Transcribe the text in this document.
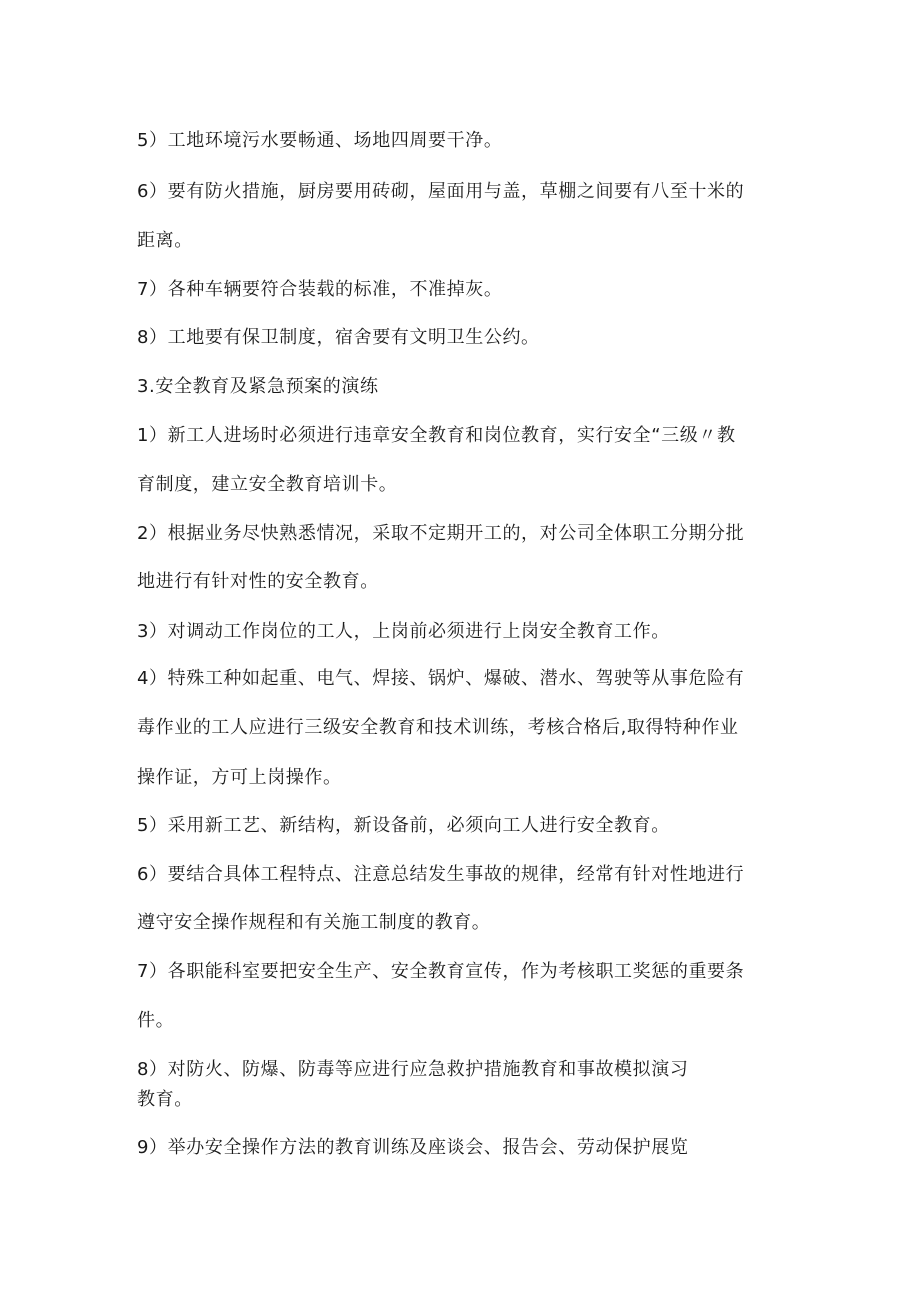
5）工地环境污水要畅通、场地四周要干净。
6）要有防火措施，厨房要用砖砌，屋面用与盖，草棚之间要有八至十米的
距离。
7）各种车辆要符合装载的标准，不准掉灰。
8）工地要有保卫制度，宿舍要有文明卫生公约。
3.安全教育及紧急预案的演练
1）新工人进场时必须进行违章安全教育和岗位教育，实行安全“三级〃教
育制度，建立安全教育培训卡。
2）根据业务尽快熟悉情况，采取不定期开工的，对公司全体职工分期分批
地进行有针对性的安全教育。
3）对调动工作岗位的工人，上岗前必须进行上岗安全教育工作。
4）特殊工种如起重、电气、焊接、锅炉、爆破、潜水、驾驶等从事危险有
毒作业的工人应进行三级安全教育和技术训练，考核合格后,取得特种作业
操作证，方可上岗操作。
5）采用新工艺、新结构，新设备前，必须向工人进行安全教育。
6）要结合具体工程特点、注意总结发生事故的规律，经常有针对性地进行
遵守安全操作规程和有关施工制度的教育。
7）各职能科室要把安全生产、安全教育宣传，作为考核职工奖惩的重要条
件。
8）对防火、防爆、防毒等应进行应急救护措施教育和事故模拟演习
教育。
9）举办安全操作方法的教育训练及座谈会、报告会、劳动保护展览
